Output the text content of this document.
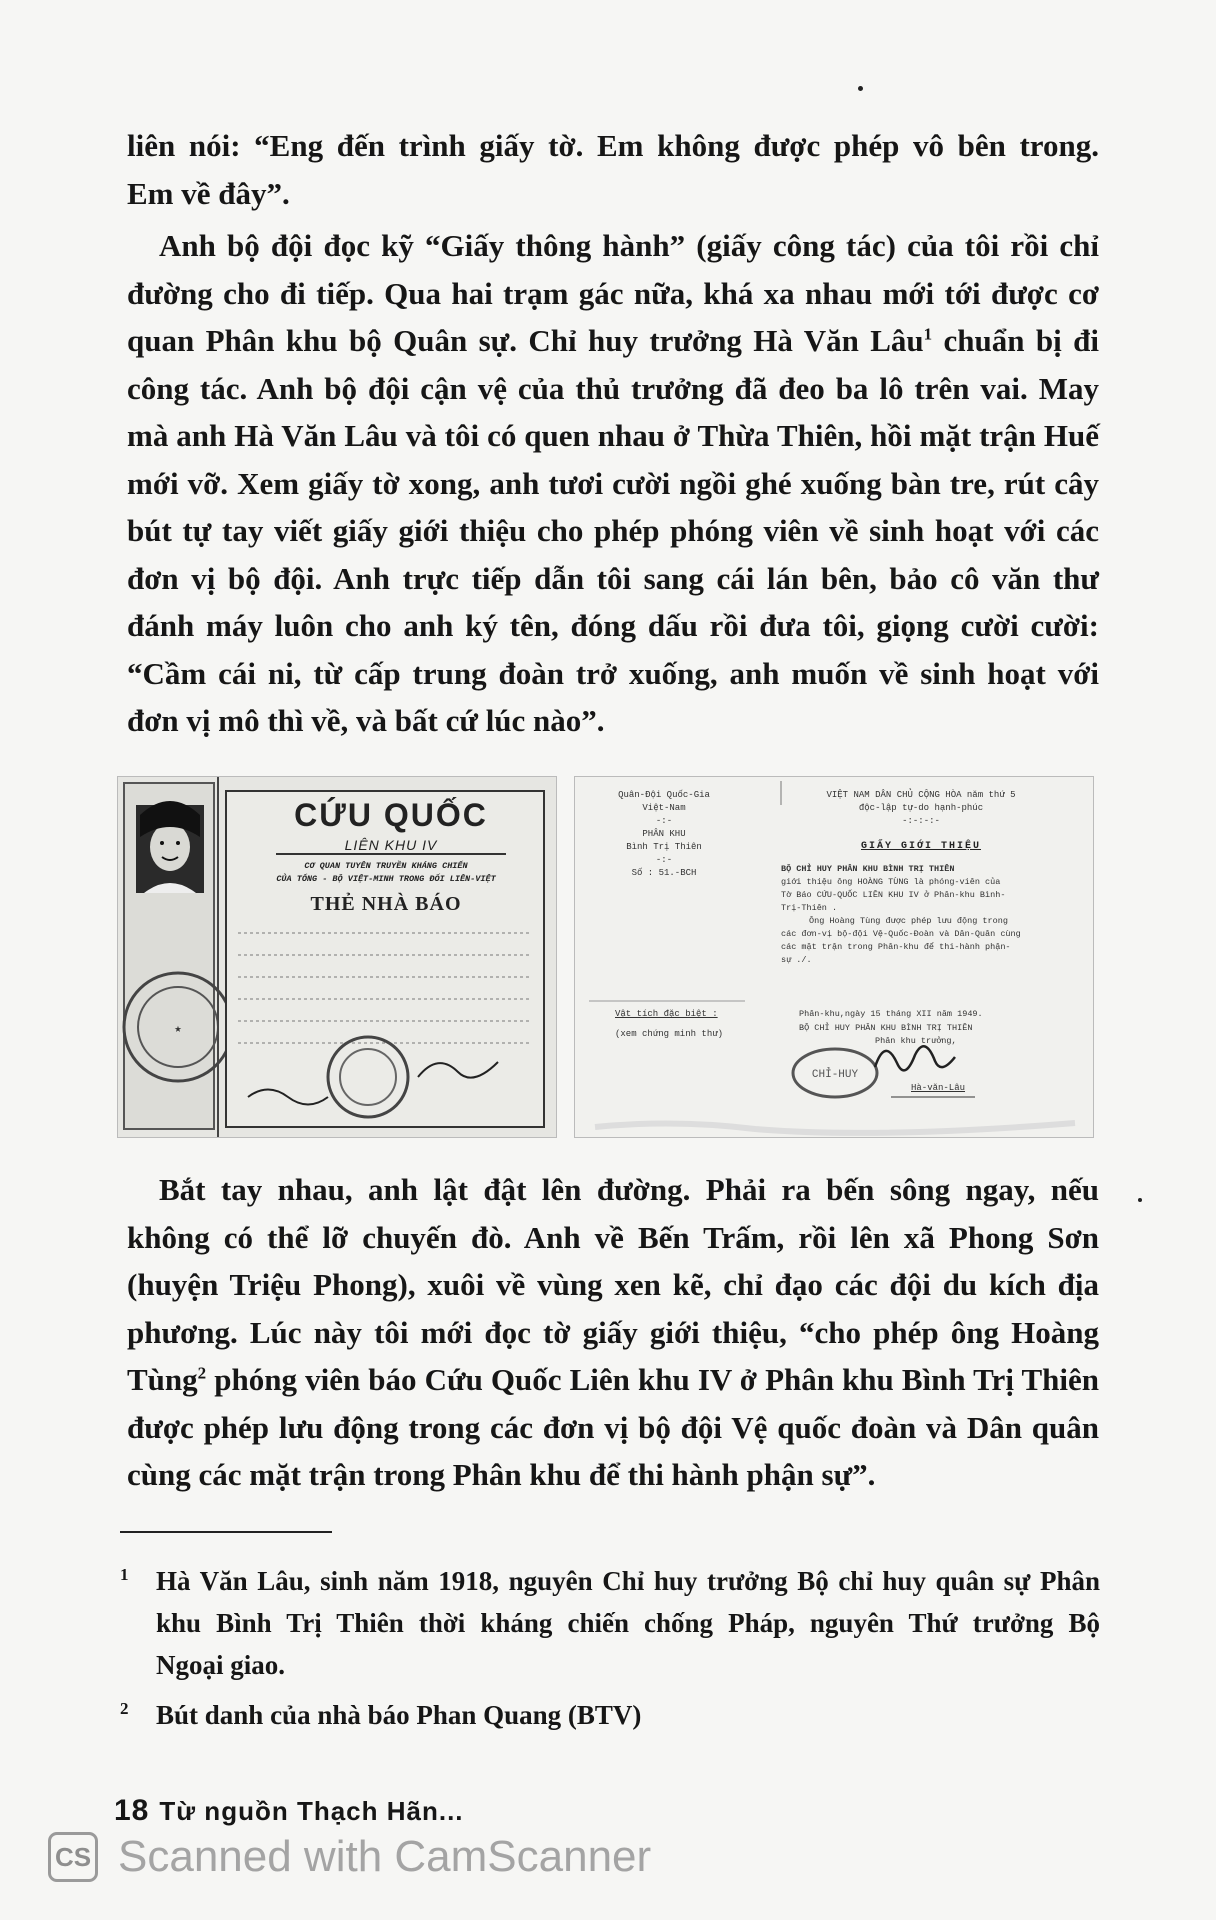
liên nói: “Eng đến trình giấy tờ. Em không được phép vô bên trong.
Em về đây”.

Anh bộ đội đọc kỹ “Giấy thông hành” (giấy công tác) của tôi rồi chỉ
đường cho đi tiếp. Qua hai trạm gác nữa, khá xa nhau mới tới được cơ
quan Phân khu bộ Quân sự. Chỉ huy trưởng Hà Văn Lâu$^1$ chuẩn bị đi
công tác. Anh bộ đội cận vệ của thủ trưởng đã đeo ba lô trên vai. May
mà anh Hà Văn Lâu và tôi có quen nhau ở Thừa Thiên, hồi mặt trận Huế
mới vỡ. Xem giấy tờ xong, anh tươi cười ngồi ghé xuống bàn tre, rút cây
bút tự tay viết giấy giới thiệu cho phép phóng viên về sinh hoạt với các
đơn vị bộ đội. Anh trực tiếp dẫn tôi sang cái lán bên, bảo cô văn thư
đánh máy luôn cho anh ký tên, đóng dấu rồi đưa tôi, giọng cười cười:
“Cầm cái ni, từ cấp trung đoàn trở xuống, anh muốn về sinh hoạt với
đơn vị mô thì về, và bất cứ lúc nào”.

★
CỨU QUỐC
LIÊN KHU IV
CƠ QUAN TUYÊN TRUYỀN KHÁNG CHIẾN
CỦA TỔNG - BỘ VIỆT-MINH TRONG ĐỐI LIÊN-VIỆT
THẺ NHÀ BÁO
Quân-Đội Quốc-Gia
Việt-Nam
-:-
PHÂN KHU
Bình Trị Thiên
-:-
Số : 51.-BCH
VIỆT NAM DÂN CHỦ CỘNG HÒA năm thứ 5
độc-lập tự-do hạnh-phúc
-:-:-:-
GIẤY GIỚI THIỆU
BỘ CHỈ HUY PHÂN KHU BÌNH TRỊ THIÊN
giới thiệu ông HOÀNG TÙNG là phóng-viên của
Tờ Báo CỨU-QUỐC LIÊN KHU IV ở Phân-khu Bình-
Trị-Thiên .
Ông Hoàng Tùng được phép lưu động trong
các đơn-vị bộ-đội Vệ-Quốc-Đoàn và Dân-Quân cùng
các mặt trận trong Phân-khu để thi-hành phận-
sự ./.
Vật tích đặc biệt :
(xem chứng minh thư)
Phân-khu,ngày 15 tháng XII năm 1949.
BỘ CHỈ HUY PHÂN KHU BÌNH TRỊ THIÊN
Phân khu trưởng,
CHỈ-HUY
Hà-văn-Lâu

Bắt tay nhau, anh lật đật lên đường. Phải ra bến sông ngay, nếu
không có thể lỡ chuyến đò. Anh về Bến Trấm, rồi lên xã Phong Sơn
(huyện Triệu Phong), xuôi về vùng xen kẽ, chỉ đạo các đội du kích địa
phương. Lúc này tôi mới đọc tờ giấy giới thiệu, “cho phép ông Hoàng
Tùng$^2$ phóng viên báo Cứu Quốc Liên khu IV ở Phân khu Bình Trị Thiên
được phép lưu động trong các đơn vị bộ đội Vệ quốc đoàn và Dân quân
cùng các mặt trận trong Phân khu để thi hành phận sự”.

1 Hà Văn Lâu, sinh năm 1918, nguyên Chỉ huy trưởng Bộ chỉ huy quân sự Phân
khu Bình Trị Thiên thời kháng chiến chống Pháp, nguyên Thứ trưởng Bộ
Ngoại giao.
2 Bút danh của nhà báo Phan Quang (BTV)
18 Từ nguồn Thạch Hãn...
CS Scanned with CamScanner
